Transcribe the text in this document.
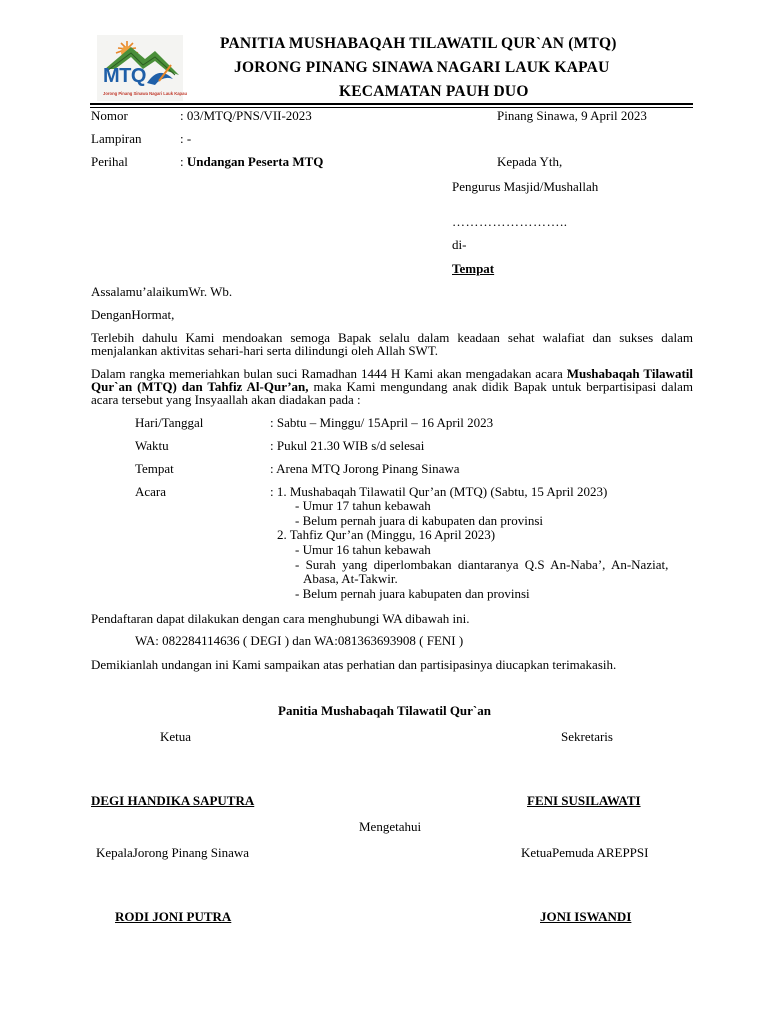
MTQ
Jorong Pinang Sinawa Nagari Lauk Kapau
PANITIA MUSHABAQAH TILAWATIL QUR`AN (MTQ)
JORONG PINANG SINAWA NAGARI LAUK KAPAU
KECAMATAN PAUH DUO
Nomor	: 03/MTQ/PNS/VII-2023	Pinang Sinawa, 9 April 2023
Lampiran	: -
Perihal	: Undangan Peserta MTQ	Kepada Yth,
Pengurus Masjid/Mushallah
……………………..
di-
Tempat
Assalamu’alaikumWr. Wb.
DenganHormat,
Terlebih dahulu Kami mendoakan semoga Bapak selalu dalam keadaan sehat walafiat dan sukses dalam menjalankan aktivitas sehari-hari serta dilindungi oleh Allah SWT.
Dalam rangka memeriahkan bulan suci Ramadhan 1444 H Kami akan mengadakan acara Mushabaqah Tilawatil Qur`an (MTQ) dan Tahfiz Al-Qur’an, maka Kami mengundang anak didik Bapak untuk berpartisipasi dalam acara tersebut yang Insyaallah akan diadakan pada :
Hari/Tanggal	: Sabtu – Minggu/ 15April – 16 April 2023
Waktu	: Pukul 21.30 WIB s/d selesai
Tempat	: Arena MTQ Jorong Pinang Sinawa
Acara	: 1. Mushabaqah Tilawatil Qur’an (MTQ) (Sabtu, 15 April 2023)
- Umur 17 tahun kebawah
- Belum pernah juara di kabupaten dan provinsi
2. Tahfiz Qur’an (Minggu, 16 April 2023)
- Umur 16 tahun kebawah
- Surah yang diperlombakan diantaranya Q.S An-Naba’, An-Naziat,
Abasa, At-Takwir.
- Belum pernah juara kabupaten dan provinsi
Pendaftaran dapat dilakukan dengan cara menghubungi WA dibawah ini.
WA: 082284114636 ( DEGI ) dan WA:081363693908 ( FENI )
Demikianlah undangan ini Kami sampaikan atas perhatian dan partisipasinya diucapkan terimakasih.
Panitia Mushabaqah Tilawatil Qur`an
Ketua	Sekretaris
DEGI HANDIKA SAPUTRA	FENI SUSILAWATI
Mengetahui
KepalaJorong Pinang Sinawa	KetuaPemuda AREPPSI
RODI JONI PUTRA	JONI ISWANDI
